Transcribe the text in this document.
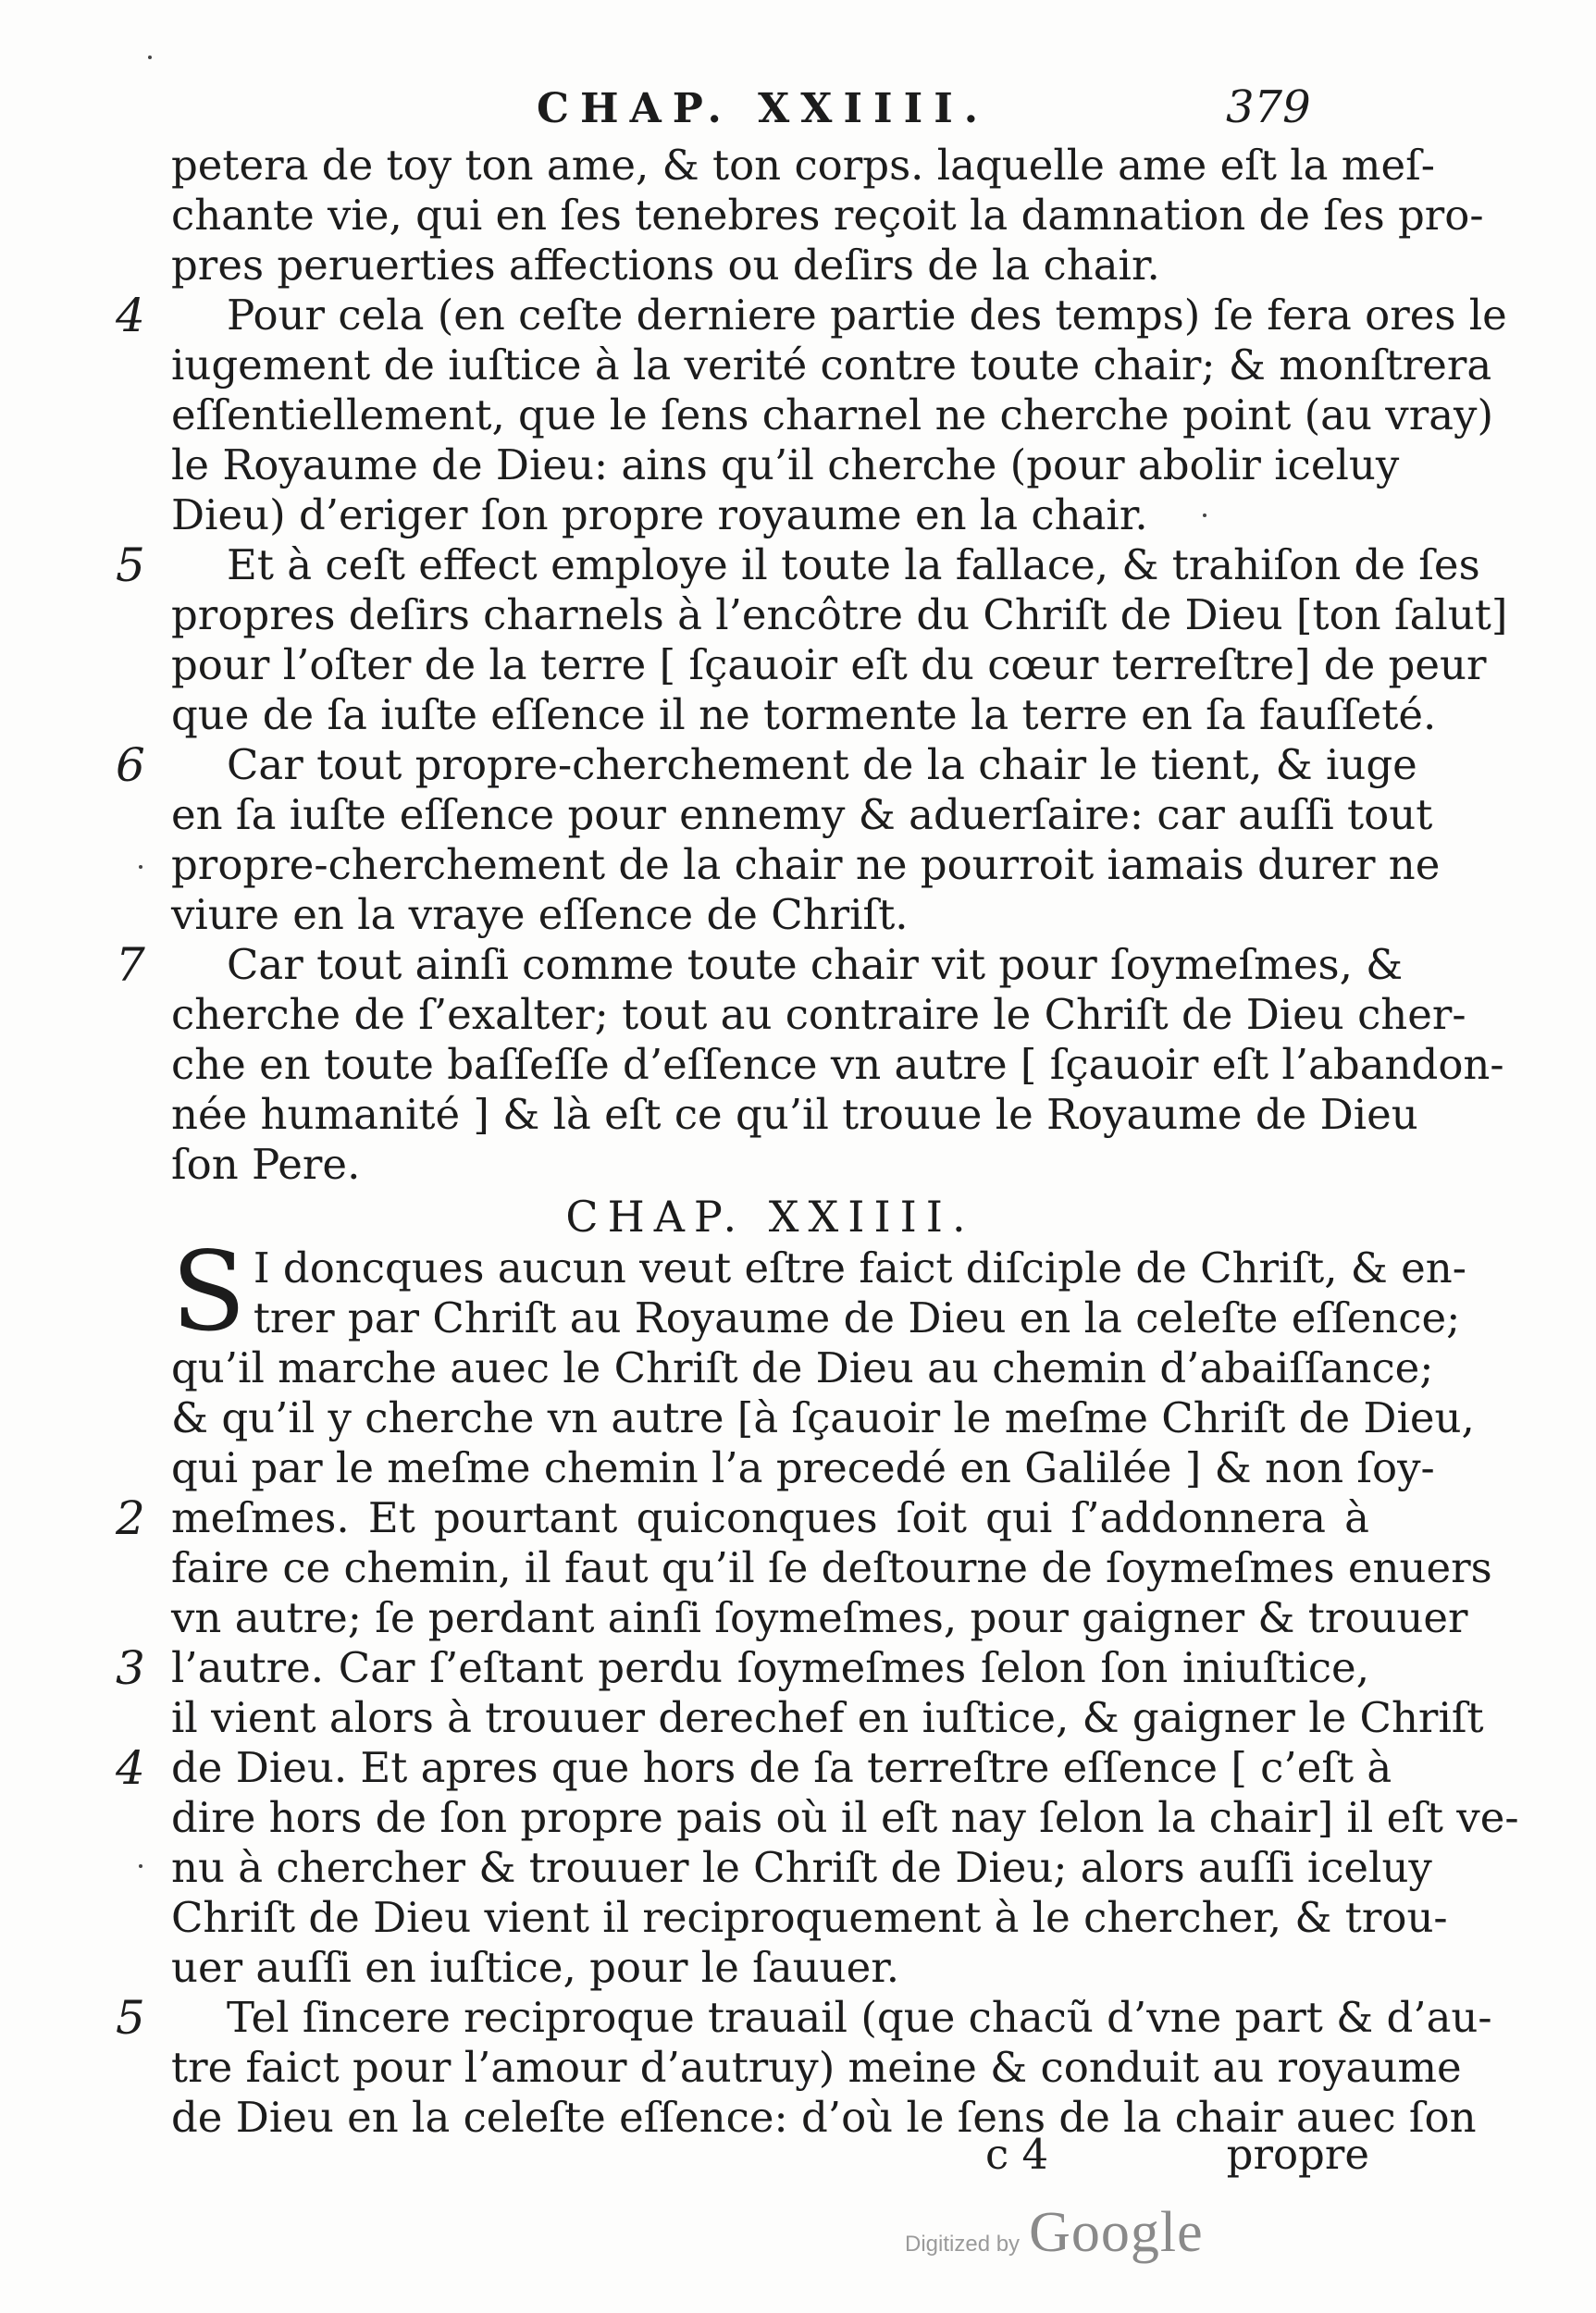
CHAP. XXIIII.	379
petera de toy ton ame, & ton corps. laquelle ame eſt la meſ-
chante vie, qui en ſes tenebres reçoit la damnation de ſes pro-
pres peruerties affections ou deſirs de la chair.
4 Pour cela (en ceſte derniere partie des temps) ſe fera ores le
iugement de iuſtice à la verité contre toute chair; & monſtrera
eſſentiellement, que le ſens charnel ne cherche point (au vray)
le Royaume de Dieu: ains qu’il cherche (pour abolir iceluy
Dieu) d’eriger ſon propre royaume en la chair.
5 Et à ceſt effect employe il toute la fallace, & trahiſon de ſes
propres deſirs charnels à l’encôtre du Chriſt de Dieu [ton ſalut]
pour l’oſter de la terre [ ſçauoir eſt du cœur terreſtre] de peur
que de ſa iuſte eſſence il ne tormente la terre en ſa fauſſeté.
6 Car tout propre-cherchement de la chair le tient, & iuge
en ſa iuſte eſſence pour ennemy & aduerſaire: car auſſi tout
propre-cherchement de la chair ne pourroit iamais durer ne
viure en la vraye eſſence de Chriſt.
7 Car tout ainſi comme toute chair vit pour ſoymeſmes, &
cherche de ſ’exalter; tout au contraire le Chriſt de Dieu cher-
che en toute baſſeſſe d’eſſence vn autre [ ſçauoir eſt l’abandon-
née humanité ] & là eſt ce qu’il trouue le Royaume de Dieu
ſon Pere.
CHAP. XXIIII.
S I doncques aucun veut eſtre faict diſciple de Chriſt, & en-
trer par Chriſt au Royaume de Dieu en la celeſte eſſence;
qu’il marche auec le Chriſt de Dieu au chemin d’abaiſſance;
& qu’il y cherche vn autre [à ſçauoir le meſme Chriſt de Dieu,
qui par le meſme chemin l’a precedé en Galilée ] & non ſoy-
2 meſmes. Et pourtant quiconques ſoit qui ſ’addonnera à
faire ce chemin, il faut qu’il ſe deſtourne de ſoymeſmes enuers
vn autre; ſe perdant ainſi ſoymeſmes, pour gaigner & trouuer
3 l’autre. Car ſ’eſtant perdu ſoymeſmes ſelon ſon iniuſtice,
il vient alors à trouuer derechef en iuſtice, & gaigner le Chriſt
4 de Dieu. Et apres que hors de ſa terreſtre eſſence [ c’eſt à
dire hors de ſon propre pais où il eſt nay ſelon la chair] il eſt ve-
nu à chercher & trouuer le Chriſt de Dieu; alors auſſi iceluy
Chriſt de Dieu vient il reciproquement à le chercher, & trou-
uer auſſi en iuſtice, pour le ſauuer.
5 Tel ſincere reciproque trauail (que chacũ d’vne part & d’au-
tre faict pour l’amour d’autruy) meine & conduit au royaume
de Dieu en la celeſte eſſence: d’où le ſens de la chair auec ſon
c 4	propre
Digitized by Google
